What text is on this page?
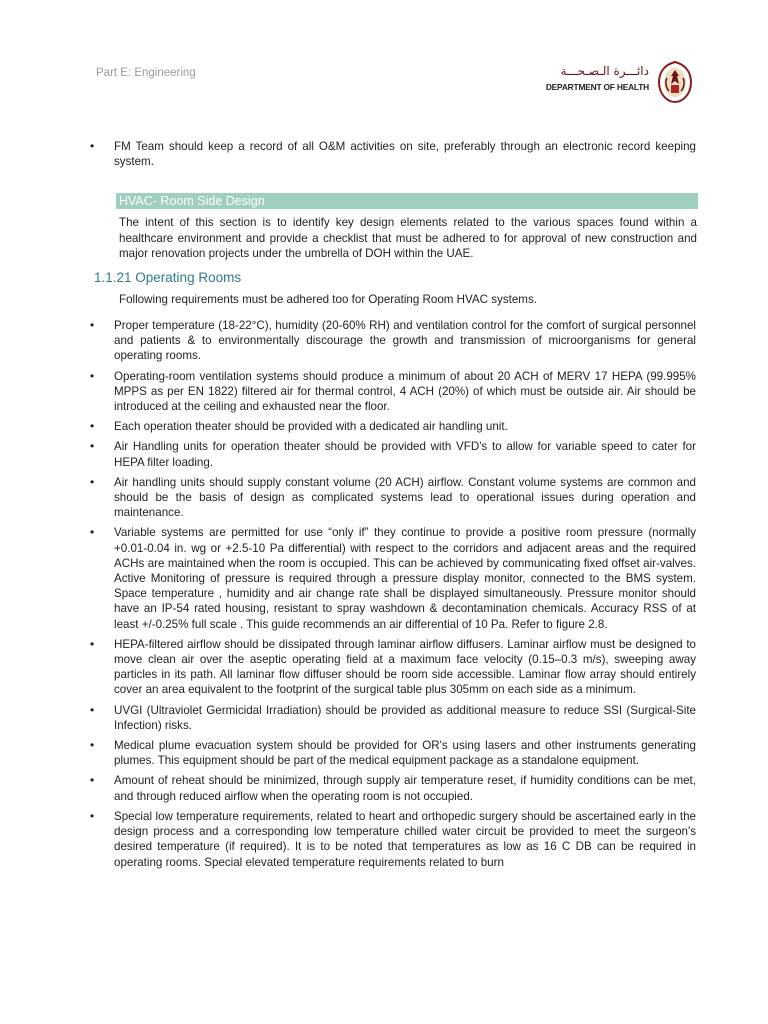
Part E: Engineering	دائـــرة الـصـحـــة
DEPARTMENT OF HEALTH
• FM Team should keep a record of all O&M activities on site, preferably through an electronic record keeping system.
HVAC- Room Side Design
The intent of this section is to identify key design elements related to the various spaces found within a healthcare environment and provide a checklist that must be adhered to for approval of new construction and major renovation projects under the umbrella of DOH within the UAE.
1.1.21 Operating Rooms
Following requirements must be adhered too for Operating Room HVAC systems.
• Proper temperature (18-22°C), humidity (20-60% RH) and ventilation control for the comfort of surgical personnel and patients & to environmentally discourage the growth and transmission of microorganisms for general operating rooms.
• Operating-room ventilation systems should produce a minimum of about 20 ACH of MERV 17 HEPA (99.995% MPPS as per EN 1822) filtered air for thermal control, 4 ACH (20%) of which must be outside air. Air should be introduced at the ceiling and exhausted near the floor.
• Each operation theater should be provided with a dedicated air handling unit.
• Air Handling units for operation theater should be provided with VFD's to allow for variable speed to cater for HEPA filter loading.
• Air handling units should supply constant volume (20 ACH) airflow. Constant volume systems are common and should be the basis of design as complicated systems lead to operational issues during operation and maintenance.
• Variable systems are permitted for use “only if” they continue to provide a positive room pressure (normally +0.01-0.04 in. wg or +2.5-10 Pa differential) with respect to the corridors and adjacent areas and the required ACHs are maintained when the room is occupied. This can be achieved by communicating fixed offset air-valves. Active Monitoring of pressure is required through a pressure display monitor, connected to the BMS system. Space temperature , humidity and air change rate shall be displayed simultaneously. Pressure monitor should have an IP-54 rated housing, resistant to spray washdown & decontamination chemicals. Accuracy RSS of at least +/-0.25% full scale . This guide recommends an air differential of 10 Pa. Refer to figure 2.8.
• HEPA-filtered airflow should be dissipated through laminar airflow diffusers. Laminar airflow must be designed to move clean air over the aseptic operating field at a maximum face velocity (0.15–0.3 m/s), sweeping away particles in its path. All laminar flow diffuser should be room side accessible. Laminar flow array should entirely cover an area equivalent to the footprint of the surgical table plus 305mm on each side as a minimum.
• UVGI (Ultraviolet Germicidal Irradiation) should be provided as additional measure to reduce SSI (Surgical-Site Infection) risks.
• Medical plume evacuation system should be provided for OR's using lasers and other instruments generating plumes. This equipment should be part of the medical equipment package as a standalone equipment.
• Amount of reheat should be minimized, through supply air temperature reset, if humidity conditions can be met, and through reduced airflow when the operating room is not occupied.
• Special low temperature requirements, related to heart and orthopedic surgery should be ascertained early in the design process and a corresponding low temperature chilled water circuit be provided to meet the surgeon's desired temperature (if required). It is to be noted that temperatures as low as 16 C DB can be required in operating rooms. Special elevated temperature requirements related to burn
